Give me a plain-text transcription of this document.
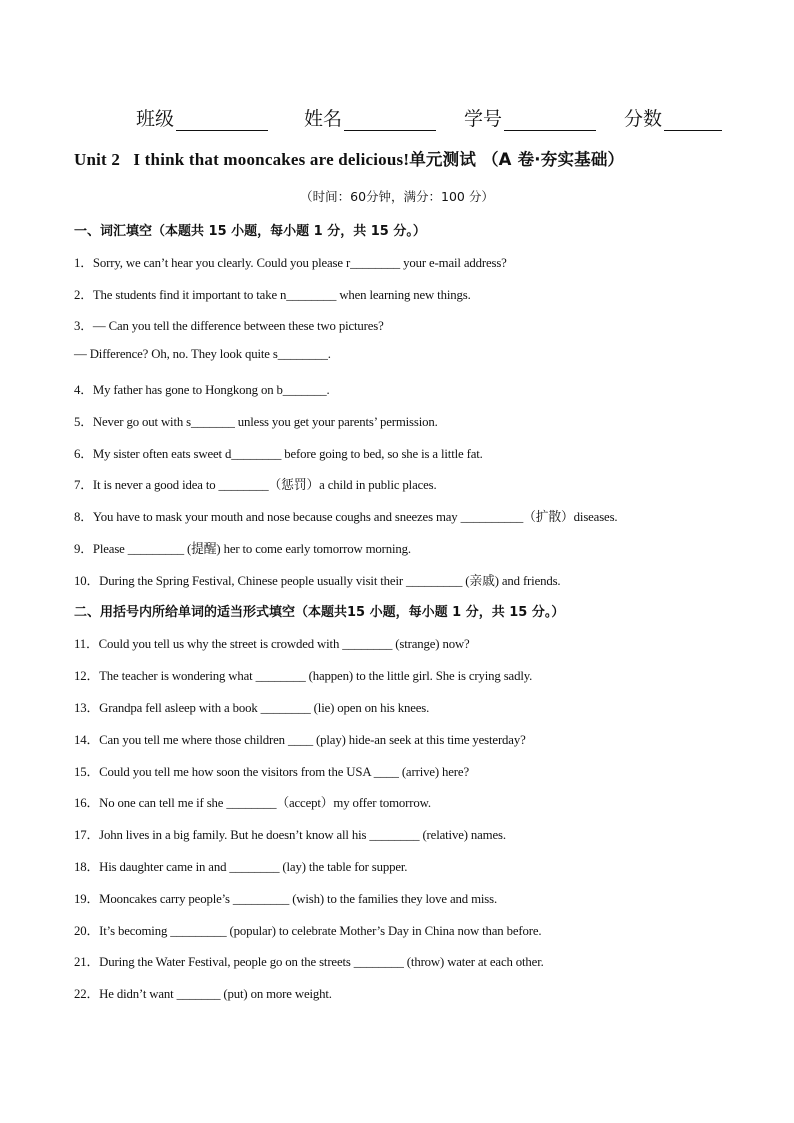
班级	姓名	学号	分数
Unit 2   I think that mooncakes are delicious!单元测试 （A 卷·夯实基础）
（时间：60分钟，满分：100 分）
一、词汇填空（本题共 15 小题，每小题 1 分，共 15 分。）
1．Sorry, we can’t hear you clearly. Could you please r________ your e-mail address?
2．The students find it important to take n________ when learning new things.
3．— Can you tell the difference between these two pictures?
— Difference? Oh, no. They look quite s________.
4．My father has gone to Hongkong on b_______.
5．Never go out with s_______ unless you get your parents’ permission.
6．My sister often eats sweet d________ before going to bed, so she is a little fat.
7．It is never a good idea to ________（惩罚）a child in public places.
8．You have to mask your mouth and nose because coughs and sneezes may __________（扩散）diseases.
9．Please _________ (提醒) her to come early tomorrow morning.
10．During the Spring Festival, Chinese people usually visit their _________ (亲戚) and friends.
二、用括号内所给单词的适当形式填空（本题共15 小题，每小题 1 分，共 15 分。）
11．Could you tell us why the street is crowded with ________ (strange) now?
12．The teacher is wondering what ________ (happen) to the little girl. She is crying sadly.
13．Grandpa fell asleep with a book ________ (lie) open on his knees.
14．Can you tell me where those children ____ (play) hide-an seek at this time yesterday?
15．Could you tell me how soon the visitors from the USA ____ (arrive) here?
16．No one can tell me if she ________（accept）my offer tomorrow.
17．John lives in a big family. But he doesn’t know all his ________ (relative) names.
18．His daughter came in and ________ (lay) the table for supper.
19．Mooncakes carry people’s _________ (wish) to the families they love and miss.
20．It’s becoming _________ (popular) to celebrate Mother’s Day in China now than before.
21．During the Water Festival, people go on the streets ________ (throw) water at each other.
22．He didn’t want _______ (put) on more weight.
